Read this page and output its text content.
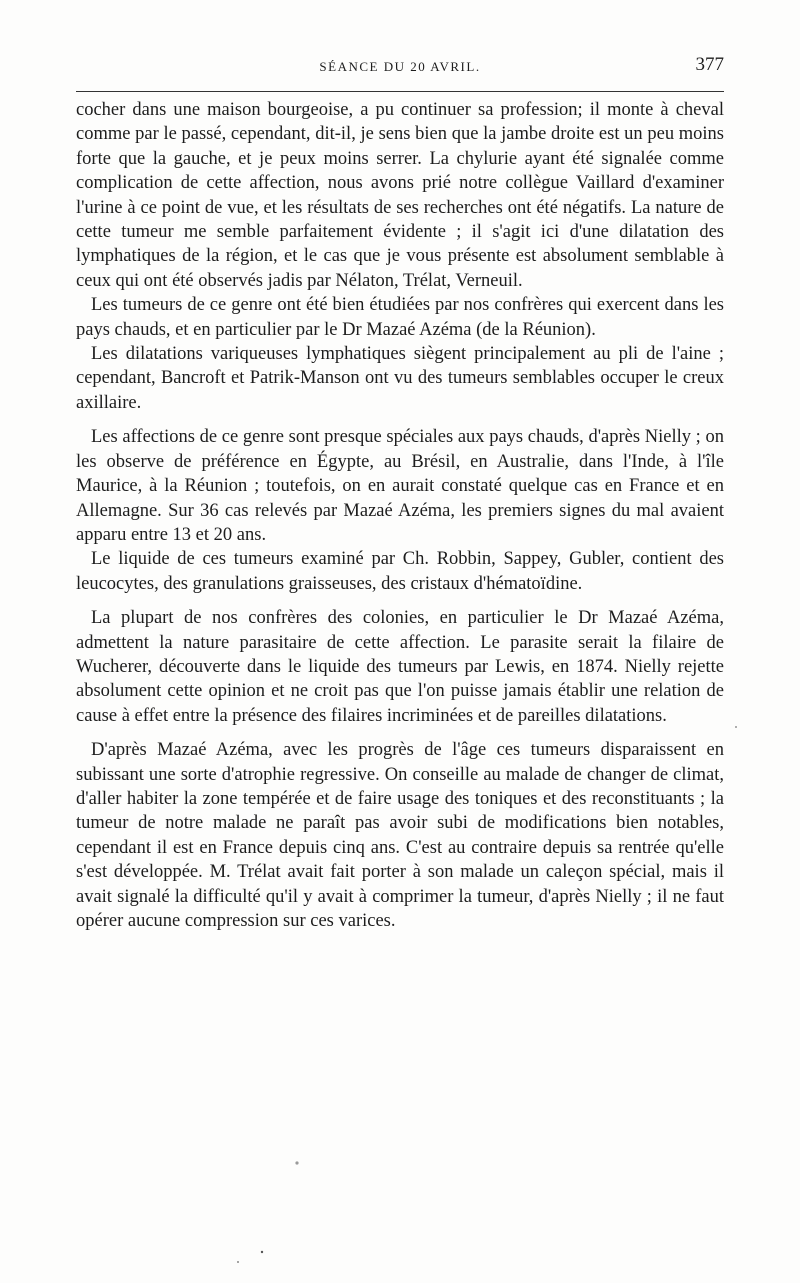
SÉANCE DU 20 AVRIL.	377

cocher dans une maison bourgeoise, a pu continuer sa profession; il monte à cheval comme par le passé, cependant, dit-il, je sens bien que la jambe droite est un peu moins forte que la gauche, et je peux moins serrer. La chylurie ayant été signalée comme complication de cette affection, nous avons prié notre collègue Vaillard d'examiner l'urine à ce point de vue, et les résultats de ses recherches ont été négatifs. La nature de cette tumeur me semble parfaitement évidente ; il s'agit ici d'une dilatation des lymphatiques de la région, et le cas que je vous présente est absolument semblable à ceux qui ont été observés jadis par Nélaton, Trélat, Verneuil.

Les tumeurs de ce genre ont été bien étudiées par nos confrères qui exercent dans les pays chauds, et en particulier par le Dr Mazaé Azéma (de la Réunion).

Les dilatations variqueuses lymphatiques siègent principalement au pli de l'aine ; cependant, Bancroft et Patrik-Manson ont vu des tumeurs semblables occuper le creux axillaire.

Les affections de ce genre sont presque spéciales aux pays chauds, d'après Nielly ; on les observe de préférence en Égypte, au Brésil, en Australie, dans l'Inde, à l'île Maurice, à la Réunion ; toutefois, on en aurait constaté quelque cas en France et en Allemagne. Sur 36 cas relevés par Mazaé Azéma, les premiers signes du mal avaient apparu entre 13 et 20 ans.

Le liquide de ces tumeurs examiné par Ch. Robbin, Sappey, Gubler, contient des leucocytes, des granulations graisseuses, des cristaux d'hématoïdine.

La plupart de nos confrères des colonies, en particulier le Dr Mazaé Azéma, admettent la nature parasitaire de cette affection. Le parasite serait la filaire de Wucherer, découverte dans le liquide des tumeurs par Lewis, en 1874. Nielly rejette absolument cette opinion et ne croit pas que l'on puisse jamais établir une relation de cause à effet entre la présence des filaires incriminées et de pareilles dilatations.

D'après Mazaé Azéma, avec les progrès de l'âge ces tumeurs disparaissent en subissant une sorte d'atrophie regressive. On conseille au malade de changer de climat, d'aller habiter la zone tempérée et de faire usage des toniques et des reconstituants ; la tumeur de notre malade ne paraît pas avoir subi de modifications bien notables, cependant il est en France depuis cinq ans. C'est au contraire depuis sa rentrée qu'elle s'est développée. M. Trélat avait fait porter à son malade un caleçon spécial, mais il avait signalé la difficulté qu'il y avait à comprimer la tumeur, d'après Nielly ; il ne faut opérer aucune compression sur ces varices.
